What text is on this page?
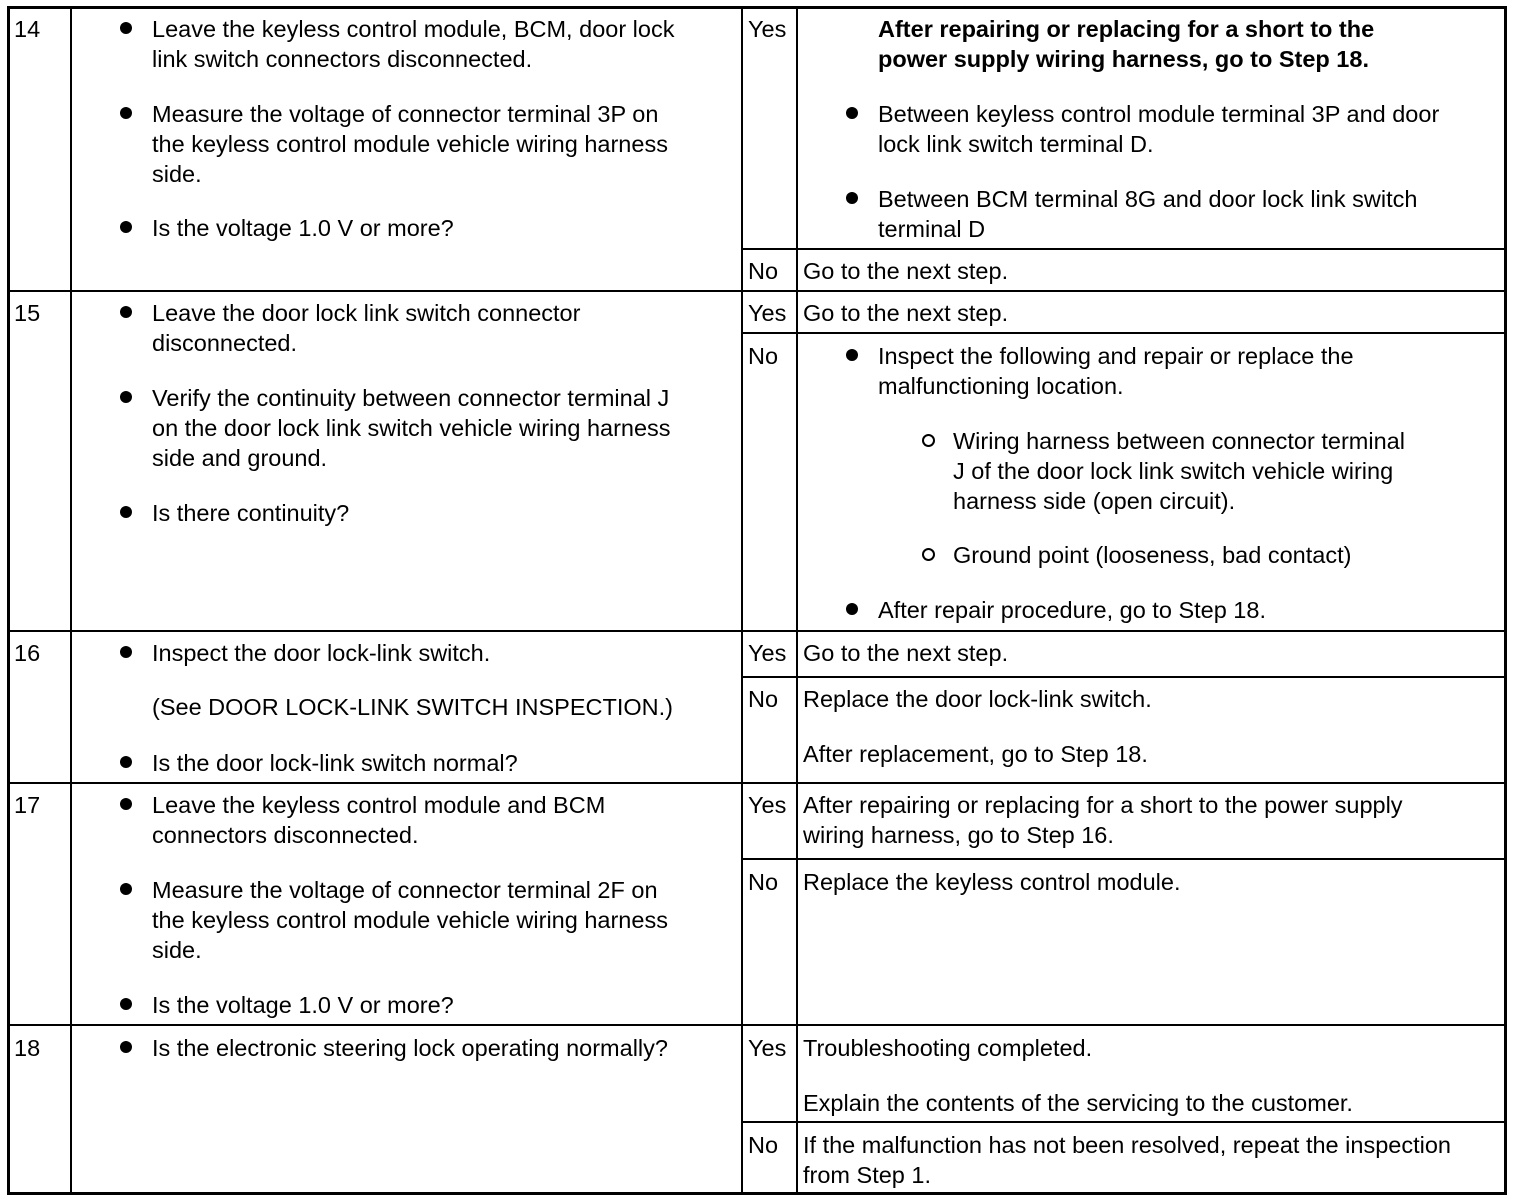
14	Leave the keyless control module, BCM, door lock
link switch connectors disconnected.
Measure the voltage of connector terminal 3P on
the keyless control module vehicle wiring harness
side.
Is the voltage 1.0 V or more?
Yes	After repairing or replacing for a short to the
power supply wiring harness, go to Step 18.
Between keyless control module terminal 3P and door
lock link switch terminal D.
Between BCM terminal 8G and door lock link switch
terminal D
No Go to the next step.
15	Leave the door lock link switch connector
disconnected.
Verify the continuity between connector terminal J
on the door lock link switch vehicle wiring harness
side and ground.
Is there continuity?
Yes Go to the next step.
No	Inspect the following and repair or replace the
malfunctioning location.
Wiring harness between connector terminal
J of the door lock link switch vehicle wiring
harness side (open circuit).
Ground point (looseness, bad contact)
After repair procedure, go to Step 18.
16	Inspect the door lock-link switch.
(See DOOR LOCK-LINK SWITCH INSPECTION.)
Is the door lock-link switch normal?
Yes Go to the next step.
No Replace the door lock-link switch.
After replacement, go to Step 18.
17	Leave the keyless control module and BCM
connectors disconnected.
Measure the voltage of connector terminal 2F on
the keyless control module vehicle wiring harness
side.
Is the voltage 1.0 V or more?
Yes After repairing or replacing for a short to the power supply
wiring harness, go to Step 16.
No Replace the keyless control module.
18	Is the electronic steering lock operating normally?	Yes Troubleshooting completed.
Explain the contents of the servicing to the customer.
No If the malfunction has not been resolved, repeat the inspection
from Step 1.
